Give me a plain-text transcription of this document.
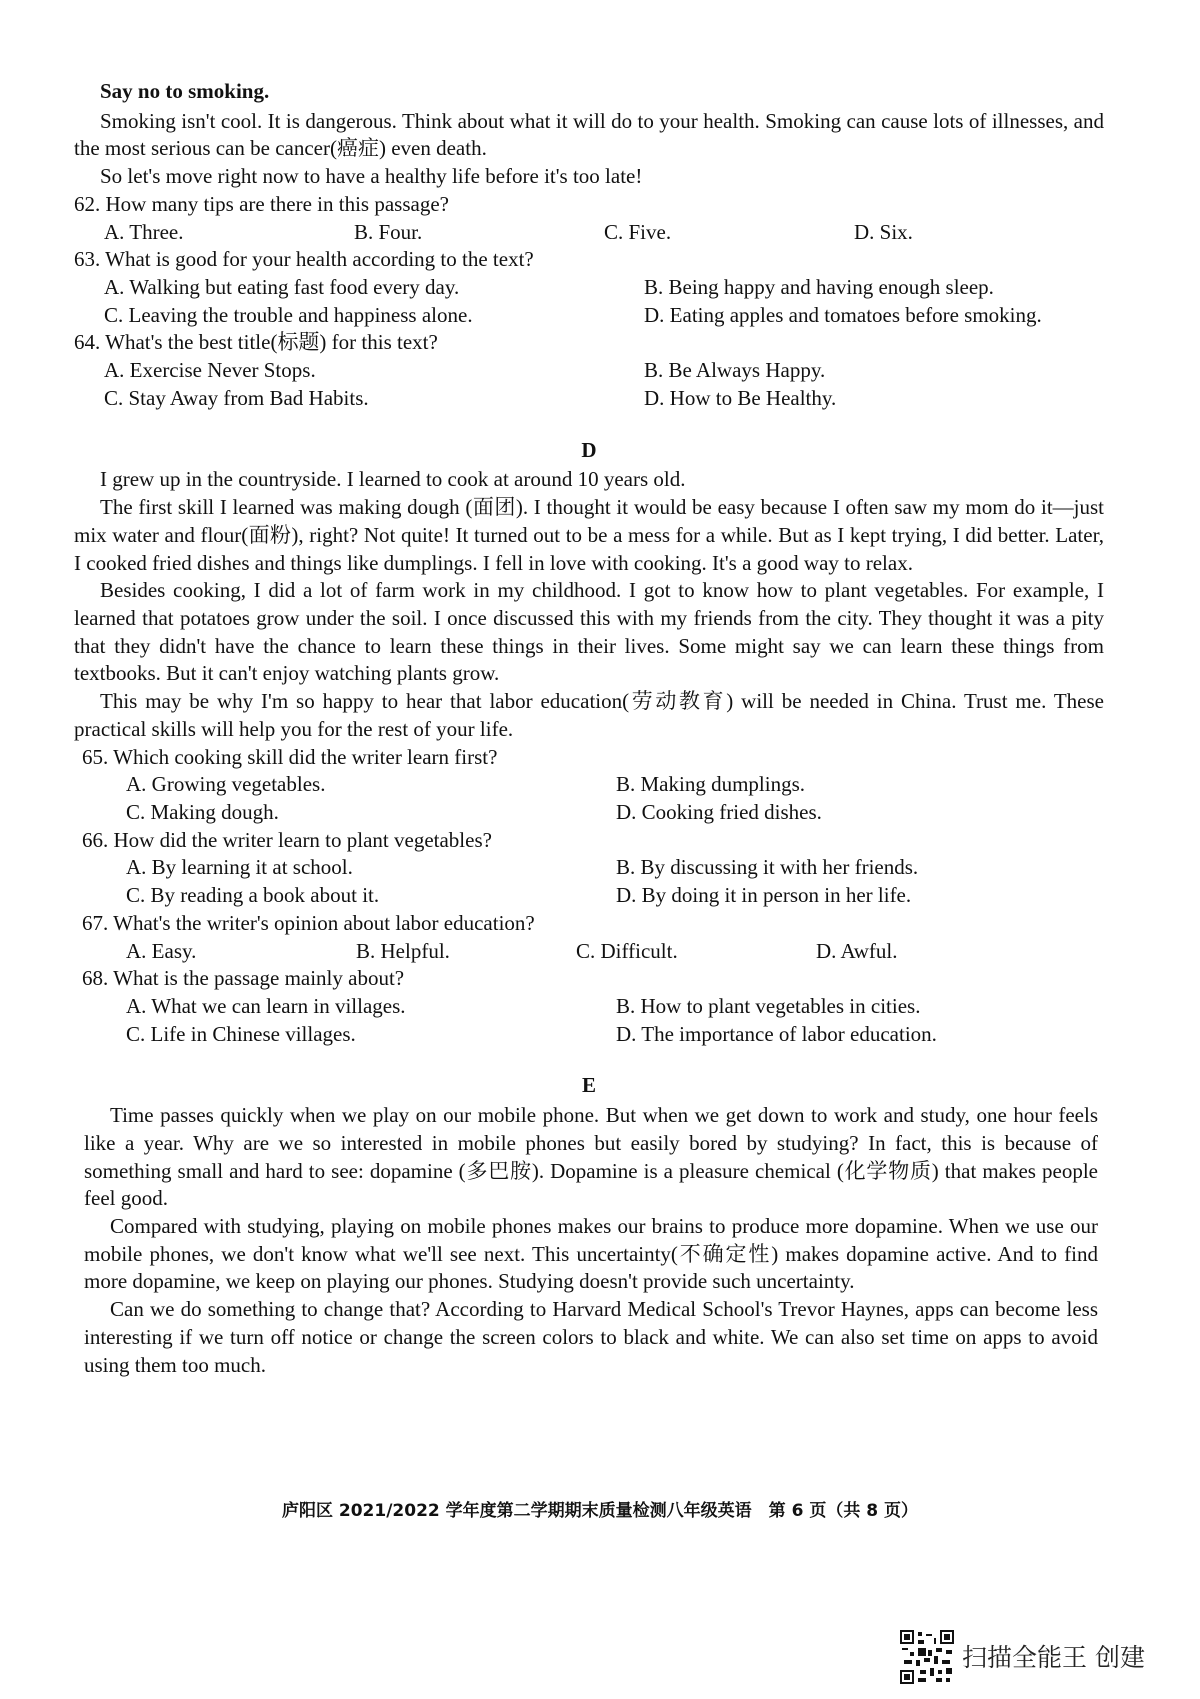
Say no to smoking.

Smoking isn't cool. It is dangerous. Think about what it will do to your health. Smoking can cause lots of illnesses, and the most serious can be cancer(癌症) even death.

So let's move right now to have a healthy life before it's too late!

62. How many tips are there in this passage?
A. Three.	B. Four.	C. Five.	D. Six.
63. What is good for your health according to the text?
A. Walking but eating fast food every day.	B. Being happy and having enough sleep.
C. Leaving the trouble and happiness alone.	D. Eating apples and tomatoes before smoking.
64. What's the best title(标题) for this text?
A. Exercise Never Stops.	B. Be Always Happy.
C. Stay Away from Bad Habits.	D. How to Be Healthy.
D

I grew up in the countryside. I learned to cook at around 10 years old.

The first skill I learned was making dough (面团). I thought it would be easy because I often saw my mom do it—just mix water and flour(面粉), right? Not quite! It turned out to be a mess for a while. But as I kept trying, I did better. Later, I cooked fried dishes and things like dumplings. I fell in love with cooking. It's a good way to relax.

Besides cooking, I did a lot of farm work in my childhood. I got to know how to plant vegetables. For example, I learned that potatoes grow under the soil. I once discussed this with my friends from the city. They thought it was a pity that they didn't have the chance to learn these things in their lives. Some might say we can learn these things from textbooks. But it can't enjoy watching plants grow.

This may be why I'm so happy to hear that labor education(劳动教育) will be needed in China. Trust me. These practical skills will help you for the rest of your life.

65. Which cooking skill did the writer learn first?
A. Growing vegetables.	B. Making dumplings.
C. Making dough.	D. Cooking fried dishes.
66. How did the writer learn to plant vegetables?
A. By learning it at school.	B. By discussing it with her friends.
C. By reading a book about it.	D. By doing it in person in her life.
67. What's the writer's opinion about labor education?
A. Easy.	B. Helpful.	C. Difficult.	D. Awful.
68. What is the passage mainly about?
A. What we can learn in villages.	B. How to plant vegetables in cities.
C. Life in Chinese villages.	D. The importance of labor education.
E

Time passes quickly when we play on our mobile phone. But when we get down to work and study, one hour feels like a year. Why are we so interested in mobile phones but easily bored by studying? In fact, this is because of something small and hard to see: dopamine (多巴胺). Dopamine is a pleasure chemical (化学物质) that makes people feel good.

Compared with studying, playing on mobile phones makes our brains to produce more dopamine. When we use our mobile phones, we don't know what we'll see next. This uncertainty(不确定性) makes dopamine active. And to find more dopamine, we keep on playing our phones. Studying doesn't provide such uncertainty.

Can we do something to change that? According to Harvard Medical School's Trevor Haynes, apps can become less interesting if we turn off notice or change the screen colors to black and white. We can also set time on apps to avoid using them too much.

庐阳区 2021/2022 学年度第二学期期末质量检测八年级英语　第 6 页（共 8 页）
扫描全能王 创建
